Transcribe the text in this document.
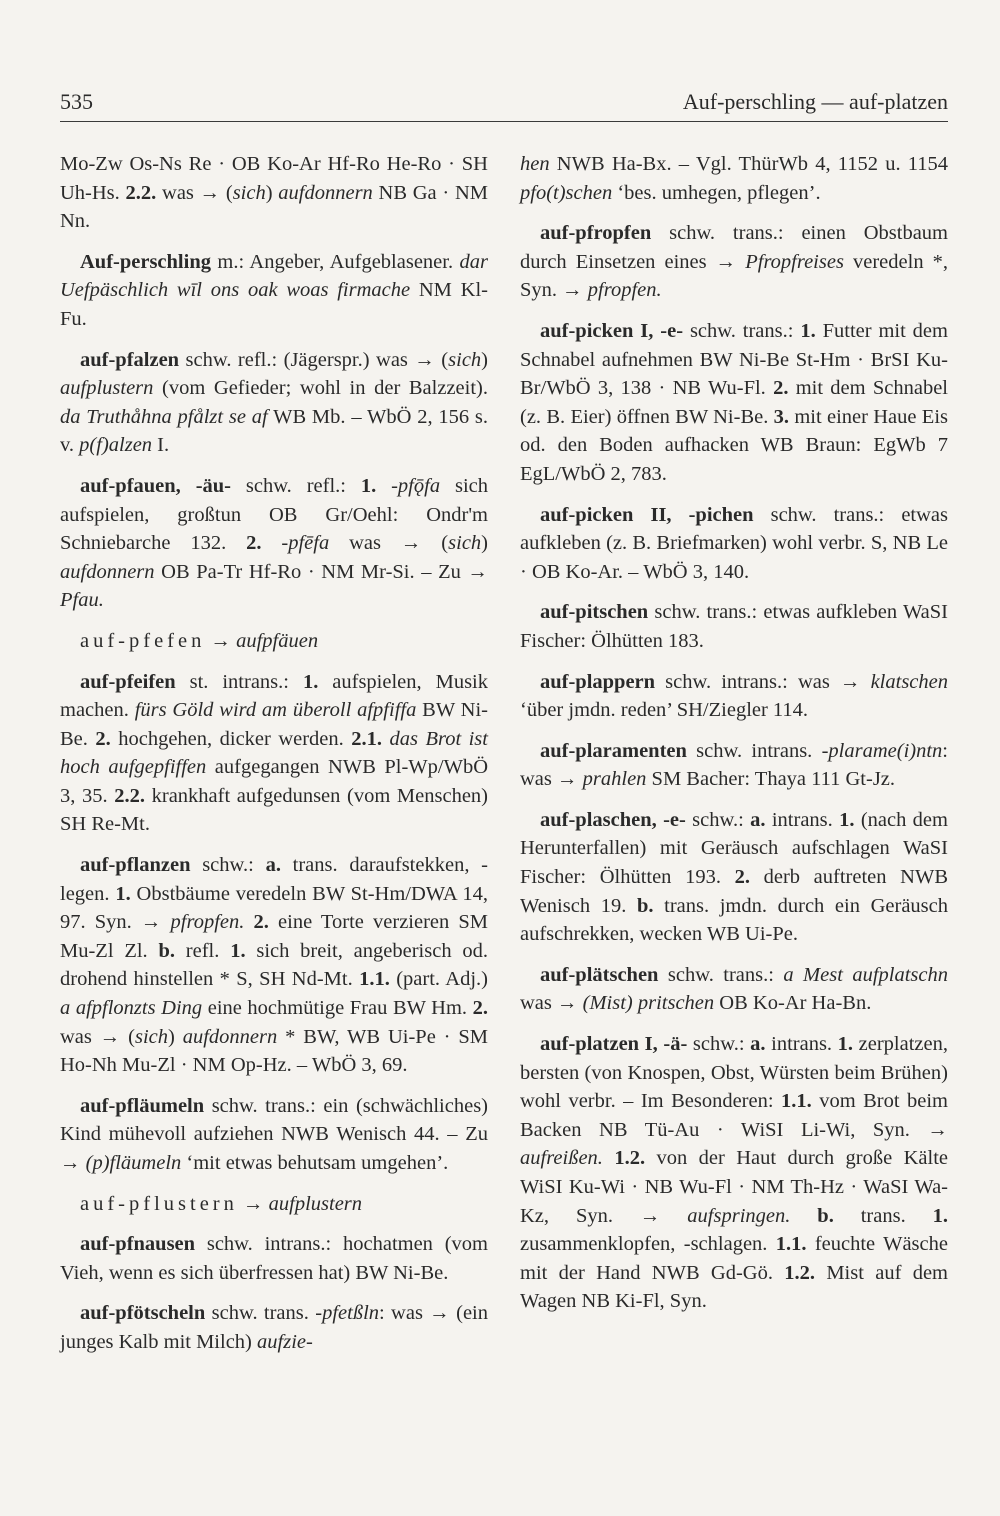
535	Auf-perschling — auf-platzen

Mo-Zw Os-Ns Re · OB Ko-Ar Hf-Ro He-Ro · SH Uh-Hs. 2.2. was → (sich) aufdonnern NB Ga · NM Nn.

Auf-perschling m.: Angeber, Aufgeblasener. dar Uefpäschlich wīl ons oak woas firmache NM Kl-Fu.

auf-pfalzen schw. refl.: (Jägerspr.) was → (sich) aufplustern (vom Gefieder; wohl in der Balzzeit). da Truthåhna pfålzt se af WB Mb. – WbÖ 2, 156 s. v. p(f)alzen I.

auf-pfauen, -äu- schw. refl.: 1. -pfǭfa sich aufspielen, großtun OB Gr/Oehl: Ondr'm Schniebarche 132. 2. -pfēfa was → (sich) aufdonnern OB Pa-Tr Hf-Ro · NM Mr-Si. – Zu → Pfau.

auf-pfefen → aufpfäuen

auf-pfeifen st. intrans.: 1. aufspielen, Musik machen. fürs Göld wird am überoll afpfiffa BW Ni-Be. 2. hochgehen, dicker werden. 2.1. das Brot ist hoch aufgepfiffen aufgegangen NWB Pl-Wp/WbÖ 3, 35. 2.2. krankhaft aufgedunsen (vom Menschen) SH Re-Mt.

auf-pflanzen schw.: a. trans. daraufstekken, -legen. 1. Obstbäume veredeln BW St-Hm/DWA 14, 97. Syn. → pfropfen. 2. eine Torte verzieren SM Mu-Zl Zl. b. refl. 1. sich breit, angeberisch od. drohend hinstellen * S, SH Nd-Mt. 1.1. (part. Adj.) a afpflonzts Ding eine hochmütige Frau BW Hm. 2. was → (sich) aufdonnern * BW, WB Ui-Pe · SM Ho-Nh Mu-Zl · NM Op-Hz. – WbÖ 3, 69.

auf-pfläumeln schw. trans.: ein (schwächliches) Kind mühevoll aufziehen NWB Wenisch 44. – Zu → (p)fläumeln ‘mit etwas behutsam umgehen’.

auf-pflustern → aufplustern

auf-pfnausen schw. intrans.: hochatmen (vom Vieh, wenn es sich überfressen hat) BW Ni-Be.

auf-pfötscheln schw. trans. -pfetßln: was → (ein junges Kalb mit Milch) aufzie-

hen NWB Ha-Bx. – Vgl. ThürWb 4, 1152 u. 1154 pfo(t)schen ‘bes. umhegen, pflegen’.

auf-pfropfen schw. trans.: einen Obstbaum durch Einsetzen eines → Pfropfreises veredeln *, Syn. → pfropfen.

auf-picken I, -e- schw. trans.: 1. Futter mit dem Schnabel aufnehmen BW Ni-Be St-Hm · BrSI Ku-Br/WbÖ 3, 138 · NB Wu-Fl. 2. mit dem Schnabel (z. B. Eier) öffnen BW Ni-Be. 3. mit einer Haue Eis od. den Boden aufhacken WB Braun: EgWb 7 EgL/WbÖ 2, 783.

auf-picken II, -pichen schw. trans.: etwas aufkleben (z. B. Briefmarken) wohl verbr. S, NB Le · OB Ko-Ar. – WbÖ 3, 140.

auf-pitschen schw. trans.: etwas aufkleben WaSI Fischer: Ölhütten 183.

auf-plappern schw. intrans.: was → klatschen ‘über jmdn. reden’ SH/Ziegler 114.

auf-plaramenten schw. intrans. -plarame(i)ntn: was → prahlen SM Bacher: Thaya 111 Gt-Jz.

auf-plaschen, -e- schw.: a. intrans. 1. (nach dem Herunterfallen) mit Geräusch aufschlagen WaSI Fischer: Ölhütten 193. 2. derb auftreten NWB Wenisch 19. b. trans. jmdn. durch ein Geräusch aufschrekken, wecken WB Ui-Pe.

auf-plätschen schw. trans.: a Mest aufplatschn was → (Mist) pritschen OB Ko-Ar Ha-Bn.

auf-platzen I, -ä- schw.: a. intrans. 1. zerplatzen, bersten (von Knospen, Obst, Würsten beim Brühen) wohl verbr. – Im Besonderen: 1.1. vom Brot beim Backen NB Tü-Au · WiSI Li-Wi, Syn. → aufreißen. 1.2. von der Haut durch große Kälte WiSI Ku-Wi · NB Wu-Fl · NM Th-Hz · WaSI Wa-Kz, Syn. → aufspringen. b. trans. 1. zusammenklopfen, -schlagen. 1.1. feuchte Wäsche mit der Hand NWB Gd-Gö. 1.2. Mist auf dem Wagen NB Ki-Fl, Syn.
